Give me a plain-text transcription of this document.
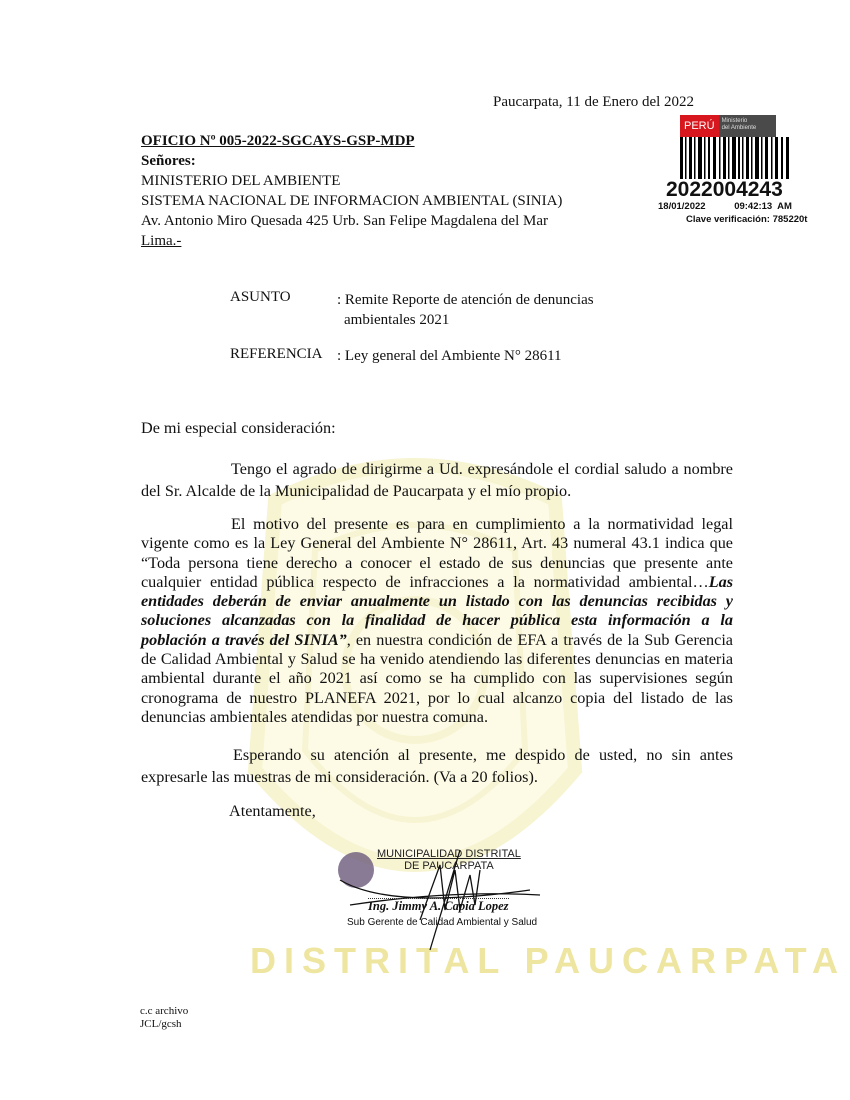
DISTRITAL PAUCARPATA
Paucarpata, 11 de Enero del 2022
OFICIO Nº 005-2022-SGCAYS-GSP-MDP
Señores:
MINISTERIO DEL AMBIENTE
SISTEMA NACIONAL DE INFORMACION AMBIENTAL (SINIA)
Av. Antonio Miro Quesada 425 Urb. San Felipe Magdalena del Mar
Lima.-
PERÚ	Ministerio
del Ambiente
2022004243
18/01/2022	09:42:13  AM
Clave verificación: 785220t
ASUNTO	: Remite Reporte de atención de denuncias
ambientales 2021
REFERENCIA : Ley general del Ambiente N° 28611
De mi especial consideración:
Tengo el agrado de dirigirme a Ud. expresándole el cordial saludo a nombre
del Sr. Alcalde de la Municipalidad de Paucarpata y el mío propio.
El motivo del presente es para en cumplimiento a la normatividad legal
vigente como es la Ley General del Ambiente N° 28611, Art. 43 numeral 43.1 indica que
“Toda persona tiene derecho a conocer el estado de sus denuncias que presente ante
cualquier entidad pública respecto de infracciones a la normatividad ambiental…Las
entidades deberán de enviar anualmente un listado con las denuncias recibidas y
soluciones alcanzadas con la finalidad de hacer pública esta información a la
población a través del SINIA”, en nuestra condición de EFA a través de la Sub Gerencia
de Calidad Ambiental y Salud se ha venido atendiendo las diferentes denuncias en materia
ambiental durante el año 2021 así como se ha cumplido con las supervisiones según
cronograma de nuestro PLANEFA 2021, por lo cual alcanzo copia del listado de las
denuncias ambientales atendidas por nuestra comuna.
Esperando su atención al presente, me despido de usted, no sin antes
expresarle las muestras de mi consideración. (Va a 20 folios).
Atentamente,
MUNICIPALIDAD DISTRITAL
DE PAUCARPATA
Ing. Jimmy A. Capia Lopez
Sub Gerente de Calidad Ambiental y Salud
c.c archivo
JCL/gcsh
